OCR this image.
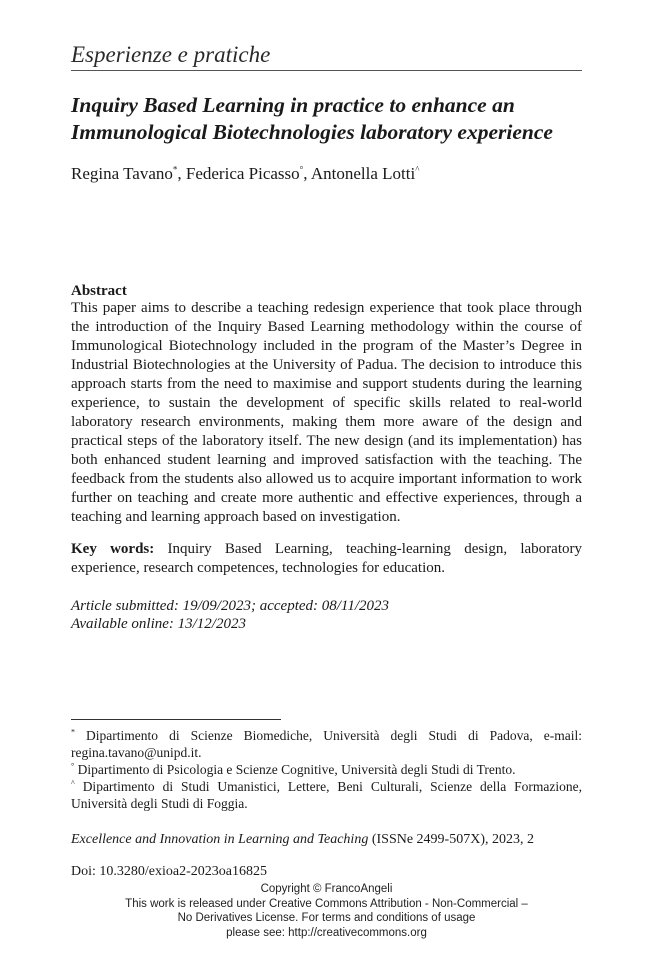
Esperienze e pratiche
Inquiry Based Learning in practice to enhance an
Immunological Biotechnologies laboratory experience
Regina Tavano*, Federica Picasso°, Antonella Lotti^

Abstract

This paper aims to describe a teaching redesign experience that took place through the introduction of the Inquiry Based Learning methodology within the course of Immunological Biotechnology included in the program of the Master’s Degree in Industrial Biotechnologies at the University of Padua. The decision to introduce this approach starts from the need to maximise and support students during the learning experience, to sustain the development of specific skills related to real-world laboratory research environments, making them more aware of the design and practical steps of the laboratory itself. The new design (and its implementation) has both enhanced student learning and improved satisfaction with the teaching. The feedback from the students also allowed us to acquire important information to work further on teaching and create more authentic and effective experiences, through a teaching and learning approach based on investigation.

Key words: Inquiry Based Learning, teaching-learning design, laboratory experience, research competences, technologies for education.

Article submitted: 19/09/2023; accepted: 08/11/2023
Available online: 13/12/2023

* Dipartimento di Scienze Biomediche, Università degli Studi di Padova, e-mail: regina.tavano@unipd.it.

° Dipartimento di Psicologia e Scienze Cognitive, Università degli Studi di Trento.

^ Dipartimento di Studi Umanistici, Lettere, Beni Culturali, Scienze della Formazione, Università degli Studi di Foggia.

Excellence and Innovation in Learning and Teaching (ISSNe 2499-507X), 2023, 2
Doi: 10.3280/exioa2-2023oa16825
Copyright © FrancoAngeli
This work is released under Creative Commons Attribution - Non-Commercial –
No Derivatives License. For terms and conditions of usage
please see: http://creativecommons.org
